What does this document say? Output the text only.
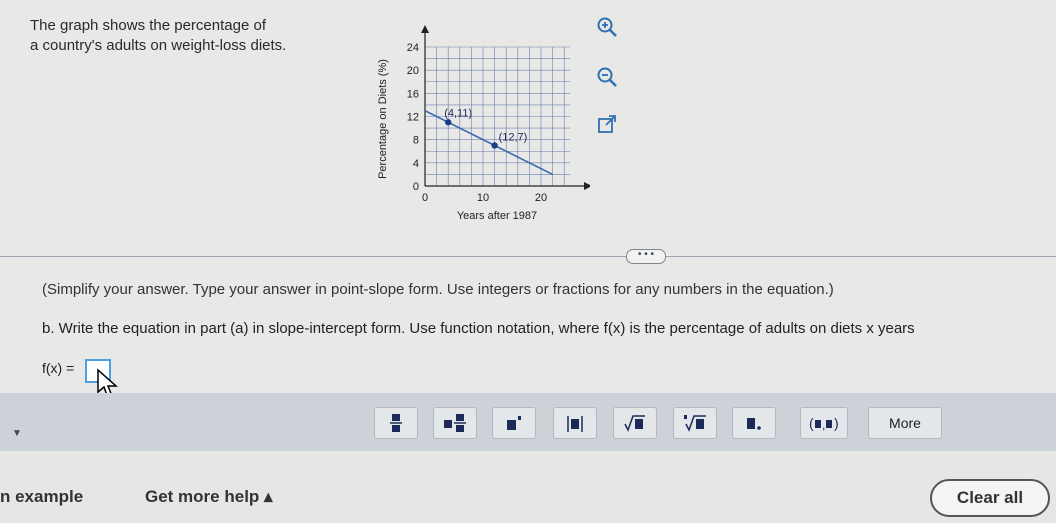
The graph shows the percentage of
a country's adults on weight-loss diets.
0
4
8
12
16
20
24
0	10	20
(4,11)
(12,7)
Years after 1987
Percentage on Diets (%)
• • •
(Simplify your answer. Type your answer in point-slope form. Use integers or fractions for any numbers in the equation.)
b. Write the equation in part (a) in slope-intercept form. Use function notation, where f(x) is the percentage of adults on diets x years
f(x) =
▼
( , )	More
n example	Get more help ▴	Clear all
